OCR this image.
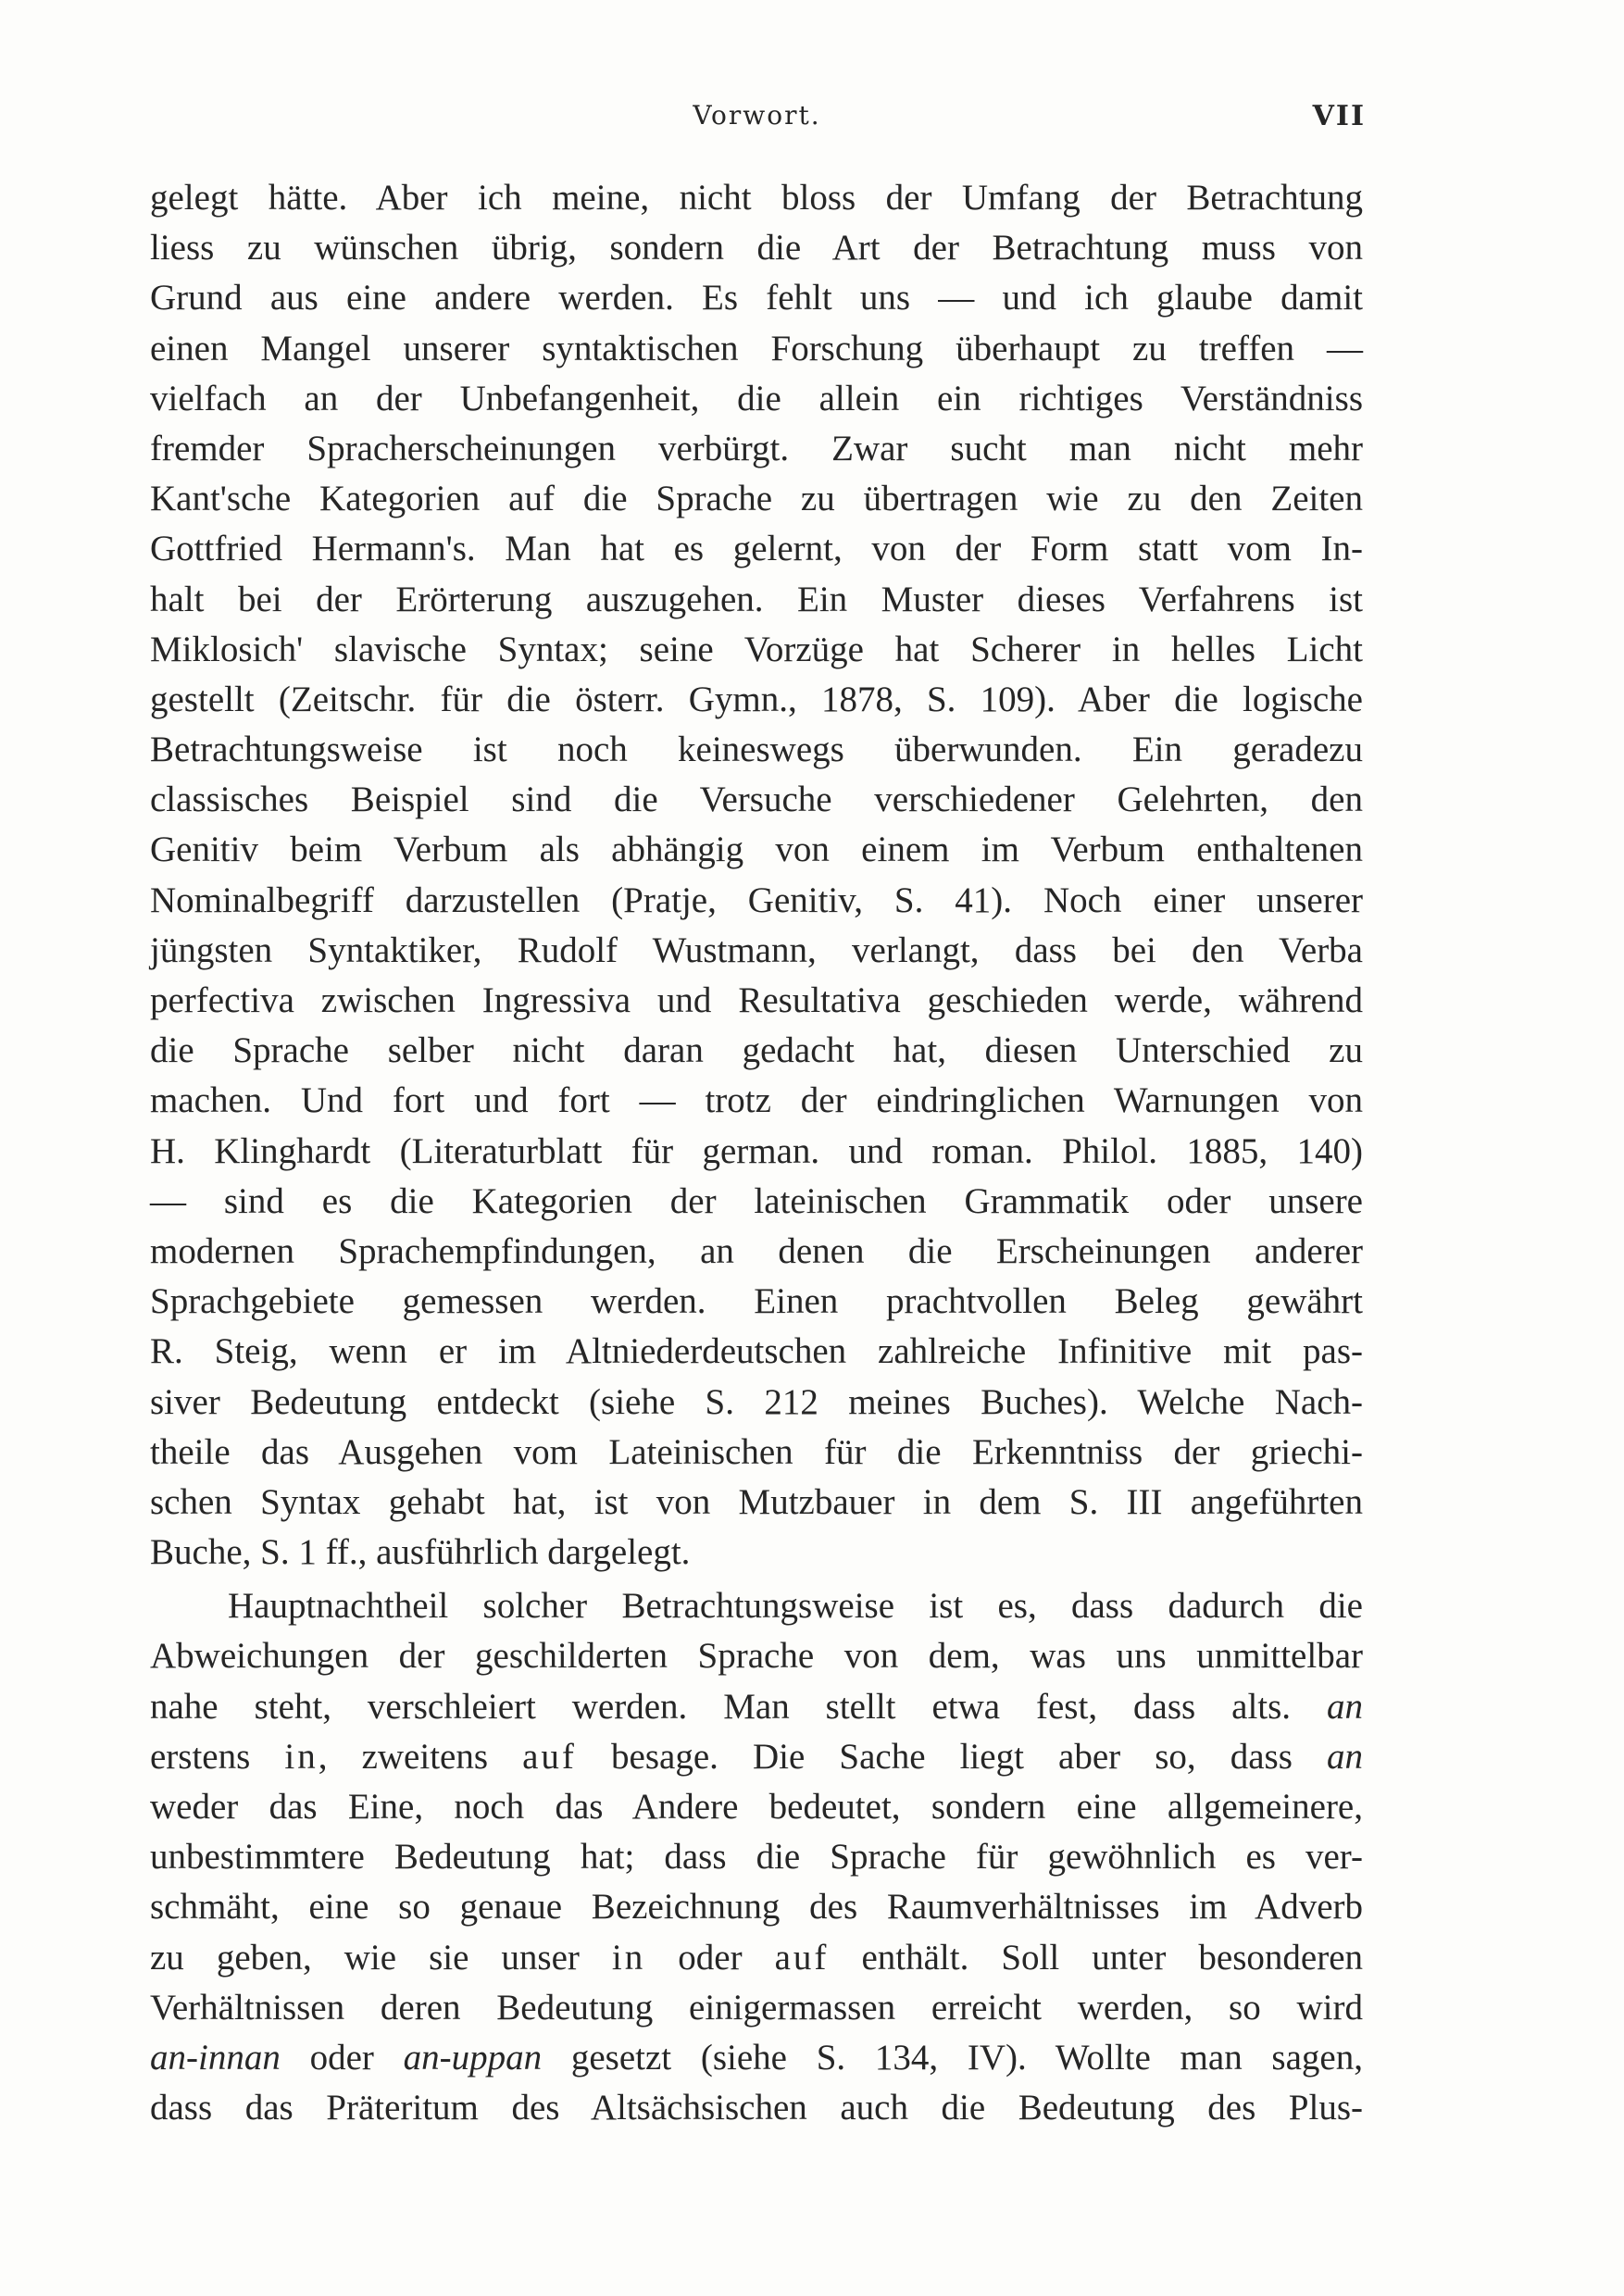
Vorwort.	VII
gelegt hätte. Aber ich meine, nicht bloss der Umfang der Betrachtung
liess zu wünschen übrig, sondern die Art der Betrachtung muss von
Grund aus eine andere werden. Es fehlt uns — und ich glaube damit
einen Mangel unserer syntaktischen Forschung überhaupt zu treffen —
vielfach an der Unbefangenheit, die allein ein richtiges Verständniss
fremder Spracherscheinungen verbürgt. Zwar sucht man nicht mehr
Kant'sche Kategorien auf die Sprache zu übertragen wie zu den Zeiten
Gottfried Hermann's. Man hat es gelernt, von der Form statt vom In-
halt bei der Erörterung auszugehen. Ein Muster dieses Verfahrens ist
Miklosich' slavische Syntax; seine Vorzüge hat Scherer in helles Licht
gestellt (Zeitschr. für die österr. Gymn., 1878, S. 109). Aber die logische
Betrachtungsweise ist noch keineswegs überwunden. Ein geradezu
classisches Beispiel sind die Versuche verschiedener Gelehrten, den
Genitiv beim Verbum als abhängig von einem im Verbum enthaltenen
Nominalbegriff darzustellen (Pratje, Genitiv, S. 41). Noch einer unserer
jüngsten Syntaktiker, Rudolf Wustmann, verlangt, dass bei den Verba
perfectiva zwischen Ingressiva und Resultativa geschieden werde, während
die Sprache selber nicht daran gedacht hat, diesen Unterschied zu
machen. Und fort und fort — trotz der eindringlichen Warnungen von
H. Klinghardt (Literaturblatt für german. und roman. Philol. 1885, 140)
— sind es die Kategorien der lateinischen Grammatik oder unsere
modernen Sprachempfindungen, an denen die Erscheinungen anderer
Sprachgebiete gemessen werden. Einen prachtvollen Beleg gewährt
R. Steig, wenn er im Altniederdeutschen zahlreiche Infinitive mit pas-
siver Bedeutung entdeckt (siehe S. 212 meines Buches). Welche Nach-
theile das Ausgehen vom Lateinischen für die Erkenntniss der griechi-
schen Syntax gehabt hat, ist von Mutzbauer in dem S. III angeführten
Buche, S. 1 ff., ausführlich dargelegt.
Hauptnachtheil solcher Betrachtungsweise ist es, dass dadurch die
Abweichungen der geschilderten Sprache von dem, was uns unmittelbar
nahe steht, verschleiert werden. Man stellt etwa fest, dass alts. an
erstens in, zweitens auf besage. Die Sache liegt aber so, dass an
weder das Eine, noch das Andere bedeutet, sondern eine allgemeinere,
unbestimmtere Bedeutung hat; dass die Sprache für gewöhnlich es ver-
schmäht, eine so genaue Bezeichnung des Raumverhältnisses im Adverb
zu geben, wie sie unser in oder auf enthält. Soll unter besonderen
Verhältnissen deren Bedeutung einigermassen erreicht werden, so wird
an-innan oder an-uppan gesetzt (siehe S. 134, IV). Wollte man sagen,
dass das Präteritum des Altsächsischen auch die Bedeutung des Plus-
